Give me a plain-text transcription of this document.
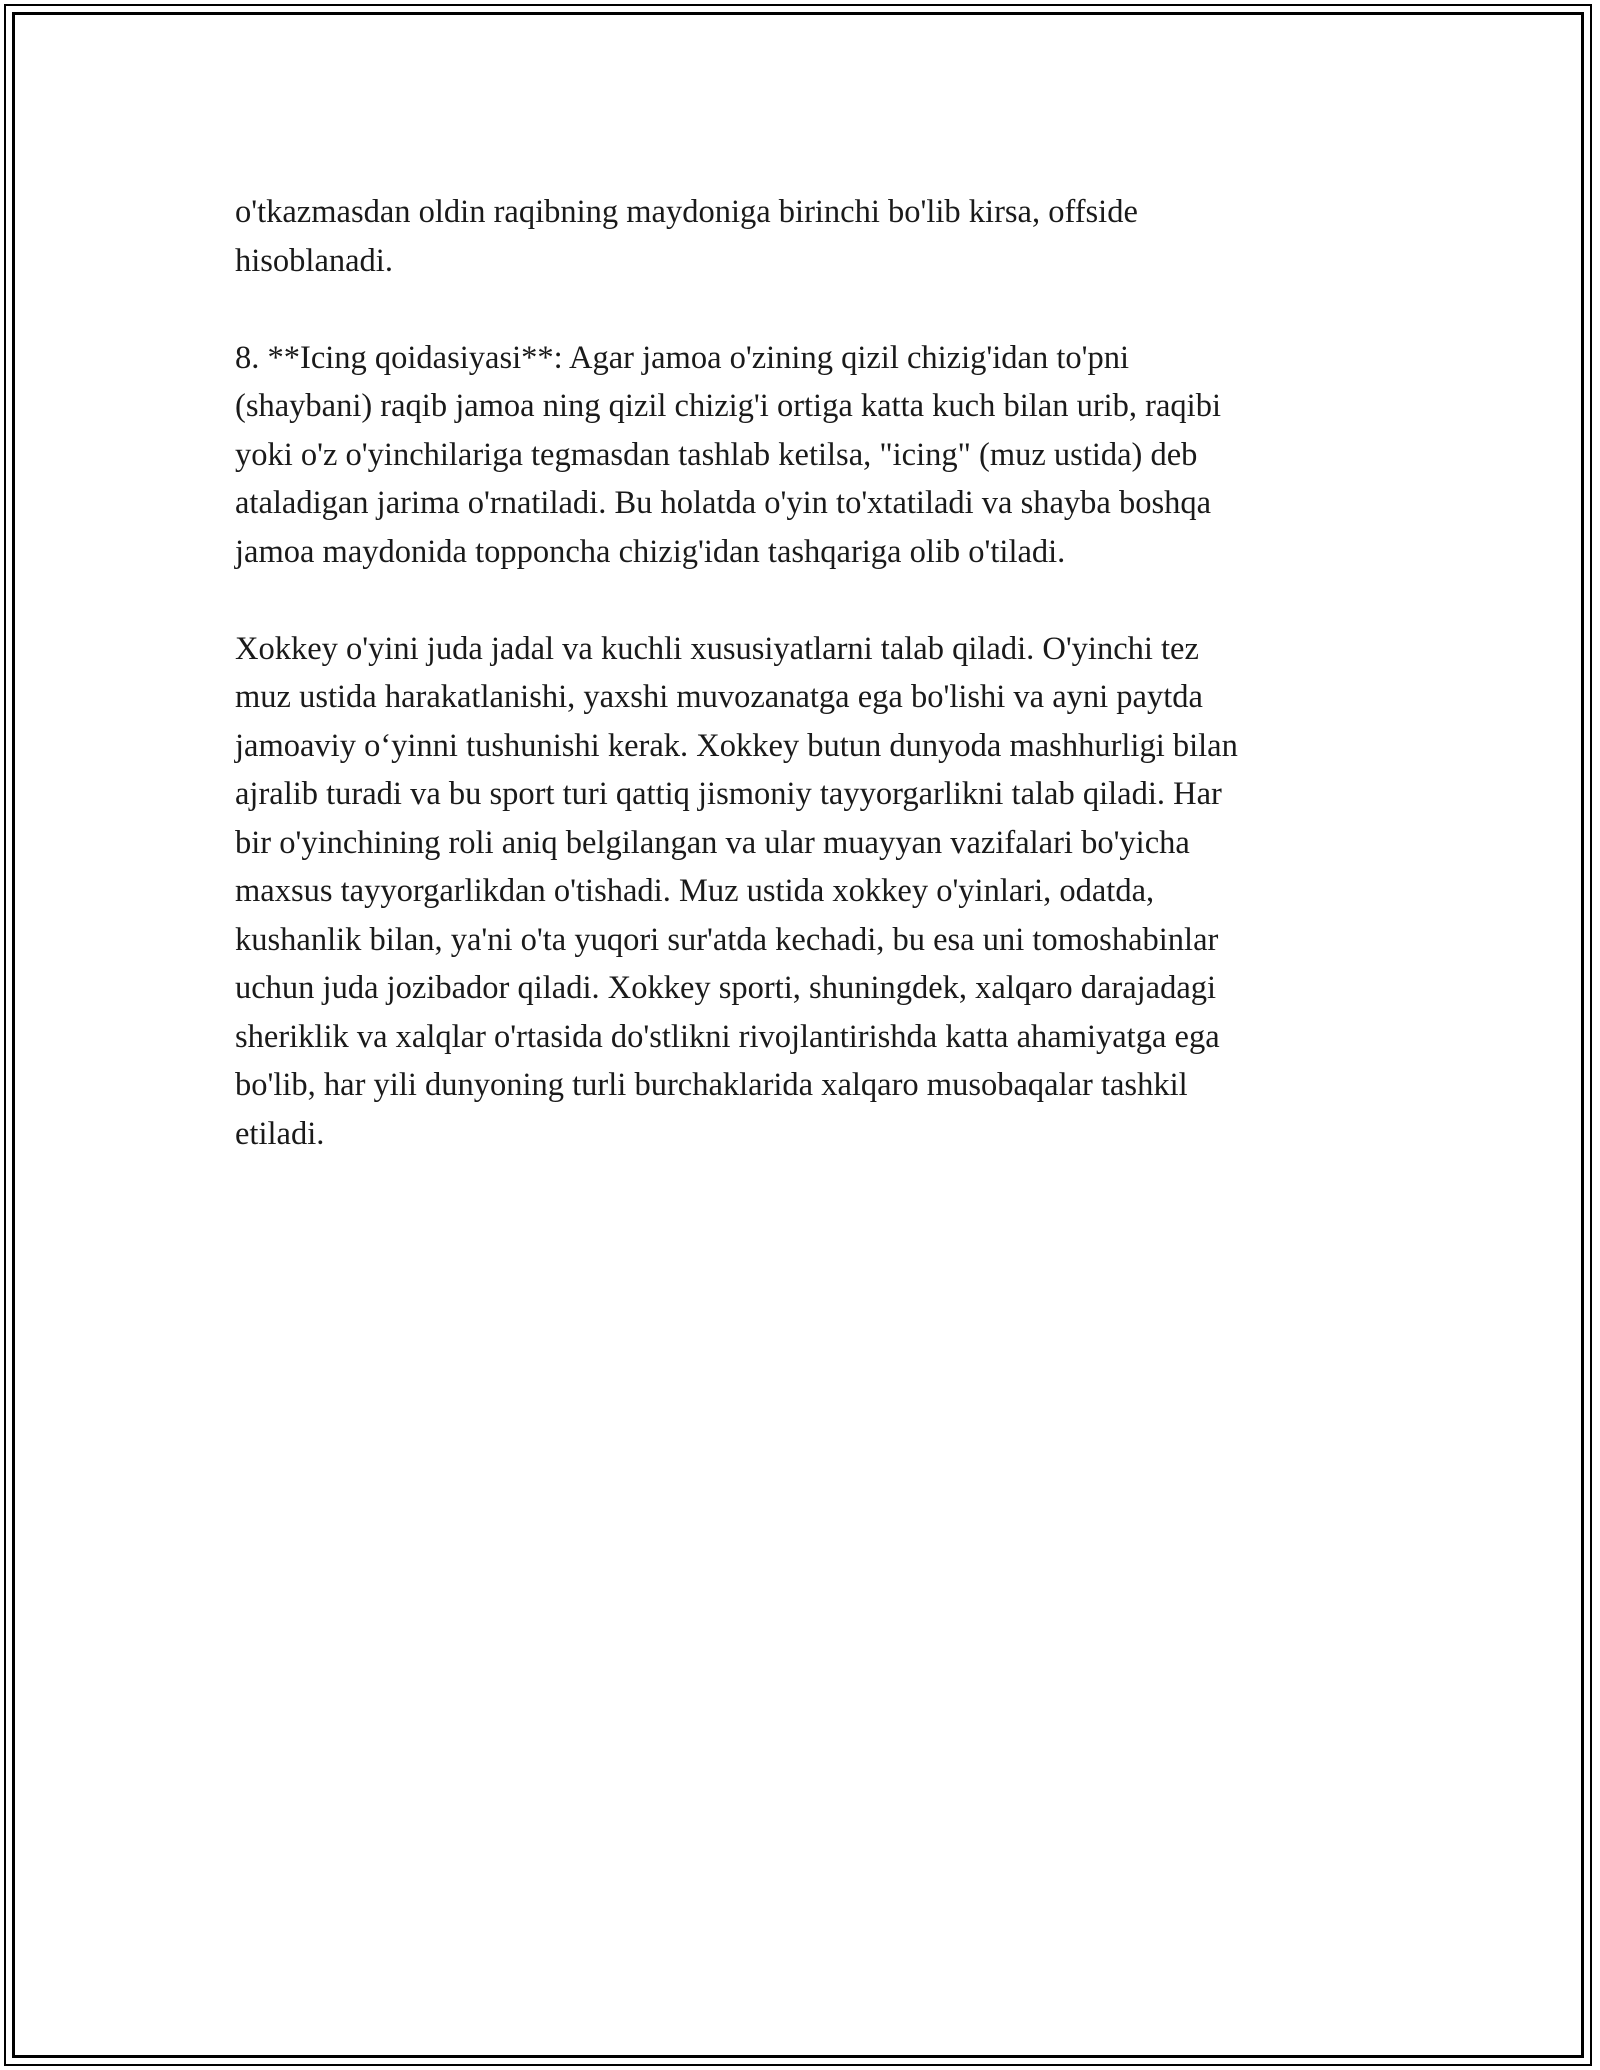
o'tkazmasdan oldin raqibning maydoniga birinchi bo'lib kirsa, offside
hisoblanadi.

8. **Icing qoidasiyasi**: Agar jamoa o'zining qizil chizig'idan to'pni
(shaybani) raqib jamoa ning qizil chizig'i ortiga katta kuch bilan urib, raqibi
yoki o'z o'yinchilariga tegmasdan tashlab ketilsa, "icing" (muz ustida) deb
ataladigan jarima o'rnatiladi. Bu holatda o'yin to'xtatiladi va shayba boshqa
jamoa maydonida topponcha chizig'idan tashqariga olib o'tiladi.

Xokkey o'yini juda jadal va kuchli xususiyatlarni talab qiladi. O'yinchi tez
muz ustida harakatlanishi, yaxshi muvozanatga ega bo'lishi va ayni paytda
jamoaviy o‘yinni tushunishi kerak. Xokkey butun dunyoda mashhurligi bilan
ajralib turadi va bu sport turi qattiq jismoniy tayyorgarlikni talab qiladi. Har
bir o'yinchining roli aniq belgilangan va ular muayyan vazifalari bo'yicha
maxsus tayyorgarlikdan o'tishadi. Muz ustida xokkey o'yinlari, odatda,
kushanlik bilan, ya'ni o'ta yuqori sur'atda kechadi, bu esa uni tomoshabinlar
uchun juda jozibador qiladi. Xokkey sporti, shuningdek, xalqaro darajadagi
sheriklik va xalqlar o'rtasida do'stlikni rivojlantirishda katta ahamiyatga ega
bo'lib, har yili dunyoning turli burchaklarida xalqaro musobaqalar tashkil
etiladi.
